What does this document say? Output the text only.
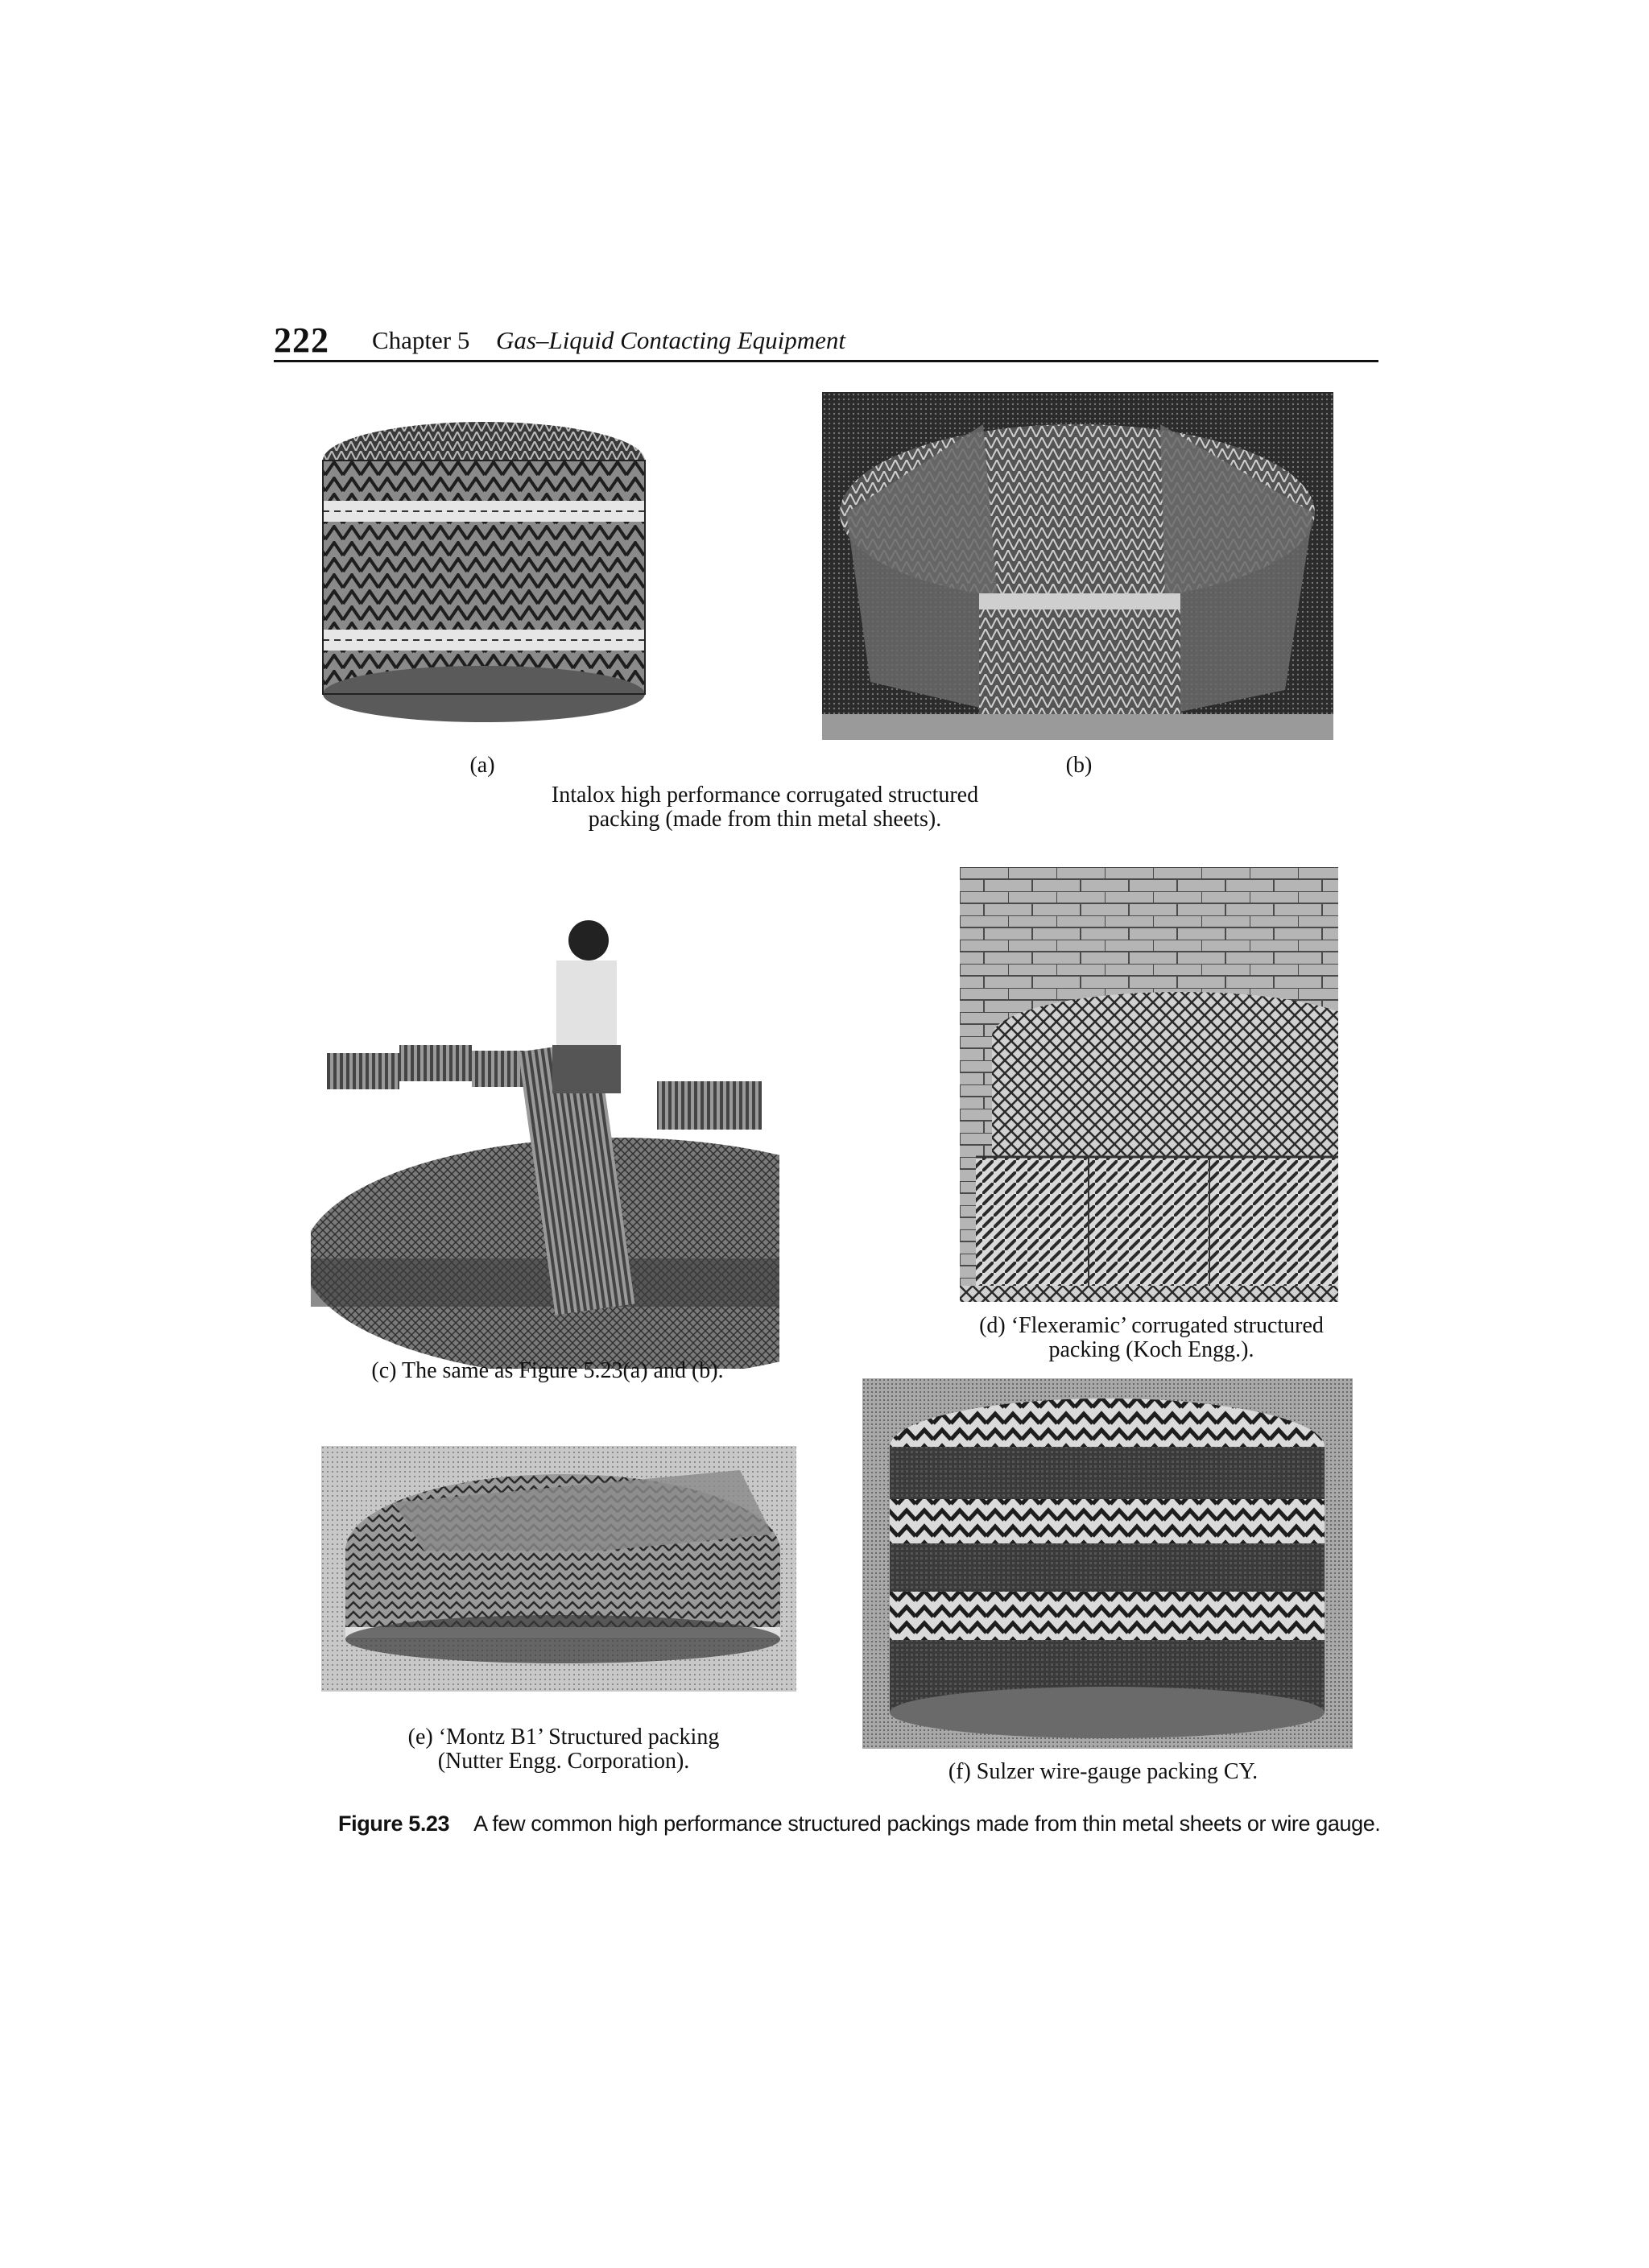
222 Chapter 5 Gas–Liquid Contacting Equipment
(a)	(b)
Intalox high performance corrugated structured
packing (made from thin metal sheets).
(c) The same as Figure 5.23(a) and (b).
(d) ‘Flexeramic’ corrugated structured
packing (Koch Engg.).
(e) ‘Montz B1’ Structured packing
(Nutter Engg. Corporation).	(f) Sulzer wire-gauge packing CY.
Figure 5.23 A few common high performance structured packings made from thin metal sheets or wire gauge.
